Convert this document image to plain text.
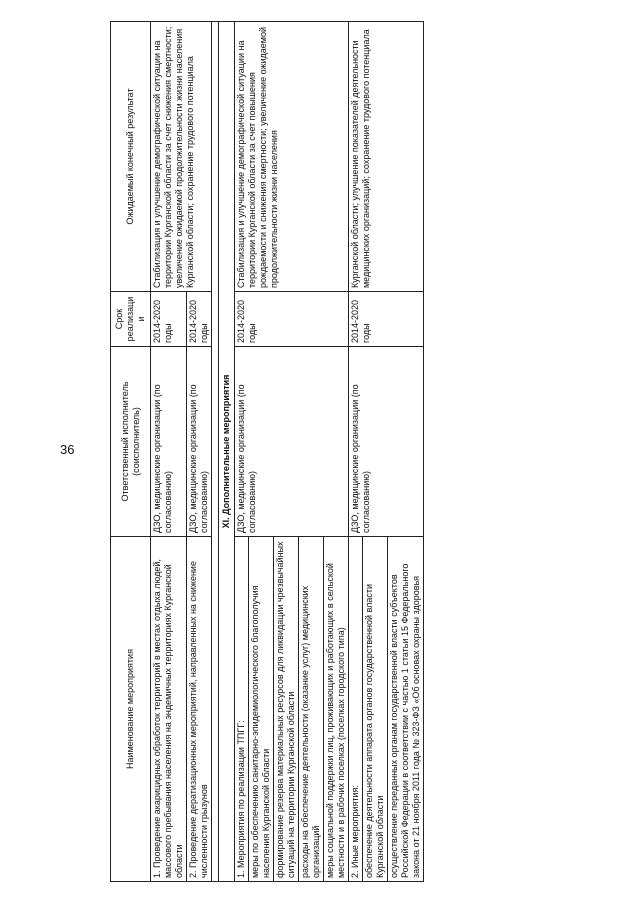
36
Наименование мероприятия	Ответственный исполнитель (соисполнитель)	Срок реализации	Ожидаемый конечный результат
1. Проведение акарицидных обработок территорий в местах отдыха людей, массового пребывания населения на эндемичных территориях Курганской области	ДЗО, медицинские организации (по согласованию)	2014-2020 годы	Стабилизация и улучшение демографической ситуации на территории Курганской области за счет снижения смертности; увеличение ожидаемой продолжительности жизни населения Курганской области; сохранение трудового потенциала
2. Проведение дератизационных мероприятий, направленных на снижение численности грызунов	ДЗО, медицинские организации (по согласованию)	2014-2020 годы	

XI. Дополнительные мероприятия			
1. Мероприятия по реализации ТПГГ:	ДЗО, медицинские организации (по согласованию)	2014-2020 годы	Стабилизация и улучшение демографической ситуации на территории Курганской области за счет повышения рождаемости и снижения смертности; увеличение ожидаемой продолжительности жизни населения
меры по обеспечению санитарно-эпидемиологического благополучия населения Курганской области			
формирование резерва материальных ресурсов для ликвидации чрезвычайных ситуаций на территории Курганской области			
расходы на обеспечение деятельности (оказание услуг) медицинских организаций			
меры социальной поддержки лиц, проживающих и работающих в сельской местности и в рабочих поселках (поселках городского типа)			
2. Иные мероприятия:	ДЗО, медицинские организации (по согласованию)	2014-2020 годы	Курганской области; улучшение показателей деятельности медицинских организаций; сохранение трудового потенциала
обеспечение деятельности аппарата органов государственной власти Курганской области			
осуществление переданных органам государственной власти субъектов Российской Федерации в соответствии с частью 1 статьи 15 Федерального закона от 21 ноября 2011 года № 323-ФЗ «Об основах охраны здоровья			
